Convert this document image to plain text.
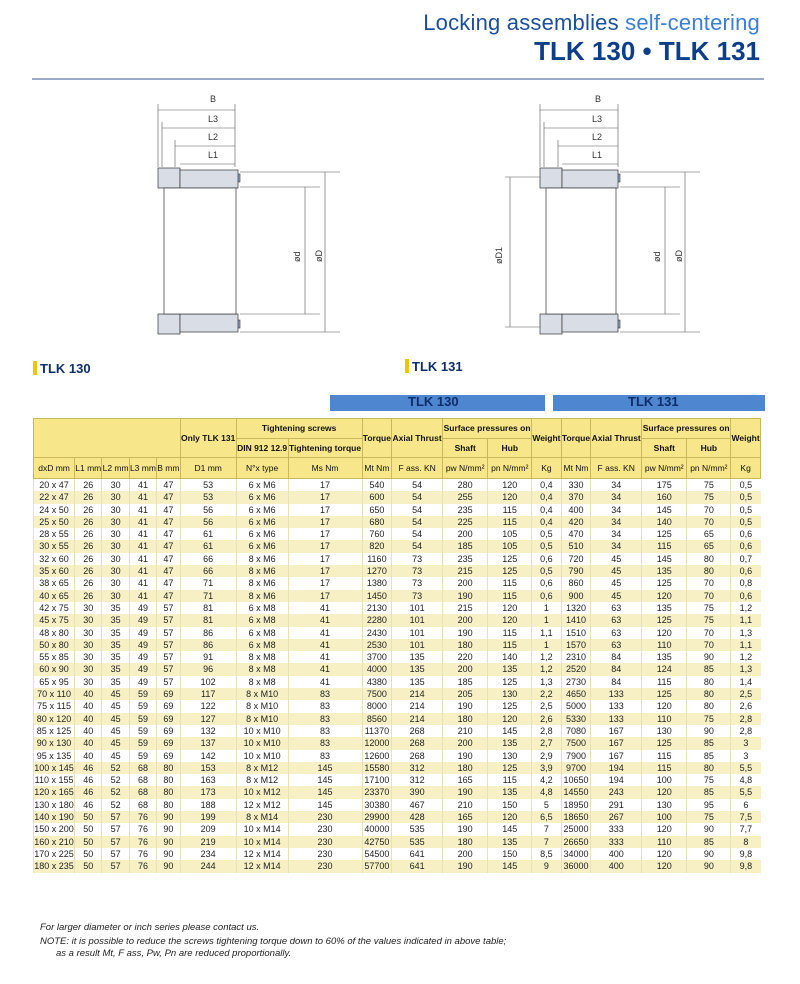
Locking assemblies self-centering
TLK 130 • TLK 131
B
L3
L2
L1
ød øD
TLK 130
B
L3
L2
L1
øD1	ød øD
TLK 131
TLK 130	TLK 131
					Only TLK 131	Tightening screws		Torque	Axial Thrust	Surface pressures on		Weight	Torque	Axial Thrust	Surface pressures on		Weight
						DIN 912 12.9	Tightening torque			Shaft	Hub				Shaft	Hub	
dxD mm	L1 mm	L2 mm	L3 mm	B mm	D1 mm	N°x type	Ms Nm	Mt Nm	F ass. KN	pw N/mm²	pn N/mm²	Kg	Mt Nm	F ass. KN	pw N/mm²	pn N/mm²	Kg
20 x 47	26	30	41	47	53	6 x M6	17	540	54	280	120	0,4	330	34	175	75	0,5
22 x 47	26	30	41	47	53	6 x M6	17	600	54	255	120	0,4	370	34	160	75	0,5
24 x 50	26	30	41	47	56	6 x M6	17	650	54	235	115	0,4	400	34	145	70	0,5
25 x 50	26	30	41	47	56	6 x M6	17	680	54	225	115	0,4	420	34	140	70	0,5
28 x 55	26	30	41	47	61	6 x M6	17	760	54	200	105	0,5	470	34	125	65	0,6
30 x 55	26	30	41	47	61	6 x M6	17	820	54	185	105	0,5	510	34	115	65	0,6
32 x 60	26	30	41	47	66	8 x M6	17	1160	73	235	125	0,6	720	45	145	80	0,7
35 x 60	26	30	41	47	66	8 x M6	17	1270	73	215	125	0,5	790	45	135	80	0,6
38 x 65	26	30	41	47	71	8 x M6	17	1380	73	200	115	0,6	860	45	125	70	0,8
40 x 65	26	30	41	47	71	8 x M6	17	1450	73	190	115	0,6	900	45	120	70	0,6
42 x 75	30	35	49	57	81	6 x M8	41	2130	101	215	120	1	1320	63	135	75	1,2
45 x 75	30	35	49	57	81	6 x M8	41	2280	101	200	120	1	1410	63	125	75	1,1
48 x 80	30	35	49	57	86	6 x M8	41	2430	101	190	115	1,1	1510	63	120	70	1,3
50 x 80	30	35	49	57	86	6 x M8	41	2530	101	180	115	1	1570	63	110	70	1,1
55 x 85	30	35	49	57	91	8 x M8	41	3700	135	220	140	1,2	2310	84	135	90	1,2
60 x 90	30	35	49	57	96	8 x M8	41	4000	135	200	135	1,2	2520	84	124	85	1,3
65 x 95	30	35	49	57	102	8 x M8	41	4380	135	185	125	1,3	2730	84	115	80	1,4
70 x 110	40	45	59	69	117	8 x M10	83	7500	214	205	130	2,2	4650	133	125	80	2,5
75 x 115	40	45	59	69	122	8 x M10	83	8000	214	190	125	2,5	5000	133	120	80	2,6
80 x 120	40	45	59	69	127	8 x M10	83	8560	214	180	120	2,6	5330	133	110	75	2,8
85 x 125	40	45	59	69	132	10 x M10	83	11370	268	210	145	2,8	7080	167	130	90	2,8
90 x 130	40	45	59	69	137	10 x M10	83	12000	268	200	135	2,7	7500	167	125	85	3
95 x 135	40	45	59	69	142	10 x M10	83	12600	268	190	130	2,9	7900	167	115	85	3
100 x 145	46	52	68	80	153	8 x M12	145	15580	312	180	125	3,9	9700	194	115	80	5,5
110 x 155	46	52	68	80	163	8 x M12	145	17100	312	165	115	4,2	10650	194	100	75	4,8
120 x 165	46	52	68	80	173	10 x M12	145	23370	390	190	135	4,8	14550	243	120	85	5,5
130 x 180	46	52	68	80	188	12 x M12	145	30380	467	210	150	5	18950	291	130	95	6
140 x 190	50	57	76	90	199	8 x M14	230	29900	428	165	120	6,5	18650	267	100	75	7,5
150 x 200	50	57	76	90	209	10 x M14	230	40000	535	190	145	7	25000	333	120	90	7,7
160 x 210	50	57	76	90	219	10 x M14	230	42750	535	180	135	7	26650	333	110	85	8
170 x 225	50	57	76	90	234	12 x M14	230	54500	641	200	150	8,5	34000	400	120	90	9,8
180 x 235	50	57	76	90	244	12 x M14	230	57700	641	190	145	9	36000	400	120	90	9,8
For larger diameter or inch series please contact us.
NOTE: it is possible to reduce the screws tightening torque down to 60% of the values indicated in above table;
as a result Mt, F ass, Pw, Pn are reduced proportionally.
